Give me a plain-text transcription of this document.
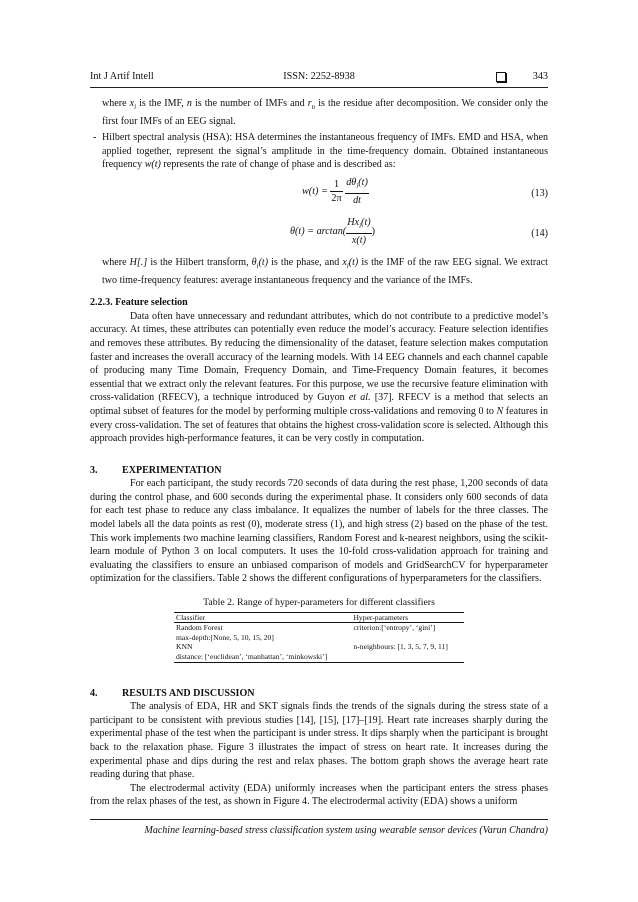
Int J Artif Intell	ISSN: 2252-8938	343

where $x_i$ is the IMF, n is the number of IMFs and $r_n$ is the residue after decomposition. We consider only the first four IMFs of an EEG signal.

- Hilbert spectral analysis (HSA): HSA determines the instantaneous frequency of IMFs. EMD and HSA, when applied together, represent the signal’s amplitude in the time-frequency domain. Obtained instantaneous frequency w(t) represents the rate of change of phase and is described as:

$w(t) = \frac{1}{2\pi}$
$\frac{d\theta_i(t)}{dt}$	(13)
$\theta(t) = \arctan( \frac{Hx_i(t)}{x(t)}$ )	(14)

where H[.] is the Hilbert transform, $\theta_i(t)$ is the phase, and $x_i(t)$ is the IMF of the raw EEG signal. We extract two time-frequency features: average instantaneous frequency and the variance of the IMFs.

2.2.3. Feature selection

Data often have unnecessary and redundant attributes, which do not contribute to a predictive model’s accuracy. At times, these attributes can potentially even reduce the model’s accuracy. Feature selection identifies and removes these attributes. By reducing the dimensionality of the dataset, feature selection makes computation faster and increases the overall accuracy of the learning models. With 14 EEG channels and each channel capable of producing many Time Domain, Frequency Domain, and Time-Frequency Domain features, it becomes essential that we extract only the relevant features. For this purpose, we use the recursive feature elimination with cross-validation (RFECV), a technique introduced by Guyon et al. [37]. RFECV is a method that selects an optimal subset of features for the model by performing multiple cross-validations and removing 0 to N features in every cross-validation. The set of features that obtains the highest cross-validation score is selected. Although this approach provides high-performance features, it can be very costly in computation.

3. EXPERIMENTATION

For each participant, the study records 720 seconds of data during the rest phase, 1,200 seconds of data during the control phase, and 600 seconds during the experimental phase. It considers only 600 seconds of data for each test phase to reduce any class imbalance. It equalizes the number of labels for the three classes. The model labels all the data points as rest (0), moderate stress (1), and high stress (2) based on the phase of the test. This work implements two machine learning classifiers, Random Forest and k-nearest neighbors, using the scikit-learn module of Python 3 on local computers. It uses the 10-fold cross-validation approach for training and evaluating the classifiers to ensure an unbiased comparison of models and GridSearchCV for hyperparameter optimization for the classifiers. Table 2 shows the different configurations of hyperparameters for the classifiers.

Table 2. Range of hyper-parameters for different classifiers
Classifier	Hyper-parameters
Random Forest	criterion:[‘entropy’, ‘gini’]
max-depth:[None, 5, 10, 15, 20]	
KNN	n-neighbours: [1, 3, 5, 7, 9, 11]
distance: [‘euclidean’, ‘manhattan’, ‘minkowski’]	
4. RESULTS AND DISCUSSION

The analysis of EDA, HR and SKT signals finds the trends of the signals during the stress state of a participant to be consistent with previous studies [14], [15], [17]–[19]. Heart rate increases sharply during the experimental phase of the test when the participant is under stress. It dips sharply when the participant is brought back to the relaxation phase. Figure 3 illustrates the impact of stress on heart rate. It increases during the experimental phase and dips during the rest and relax phases. The bottom graph shows the average heart rate reading during that phase.

The electrodermal activity (EDA) uniformly increases when the participant enters the stress phases from the relax phases of the test, as shown in Figure 4. The electrodermal activity (EDA) shows a uniform

Machine learning-based stress classification system using wearable sensor devices (Varun Chandra)
